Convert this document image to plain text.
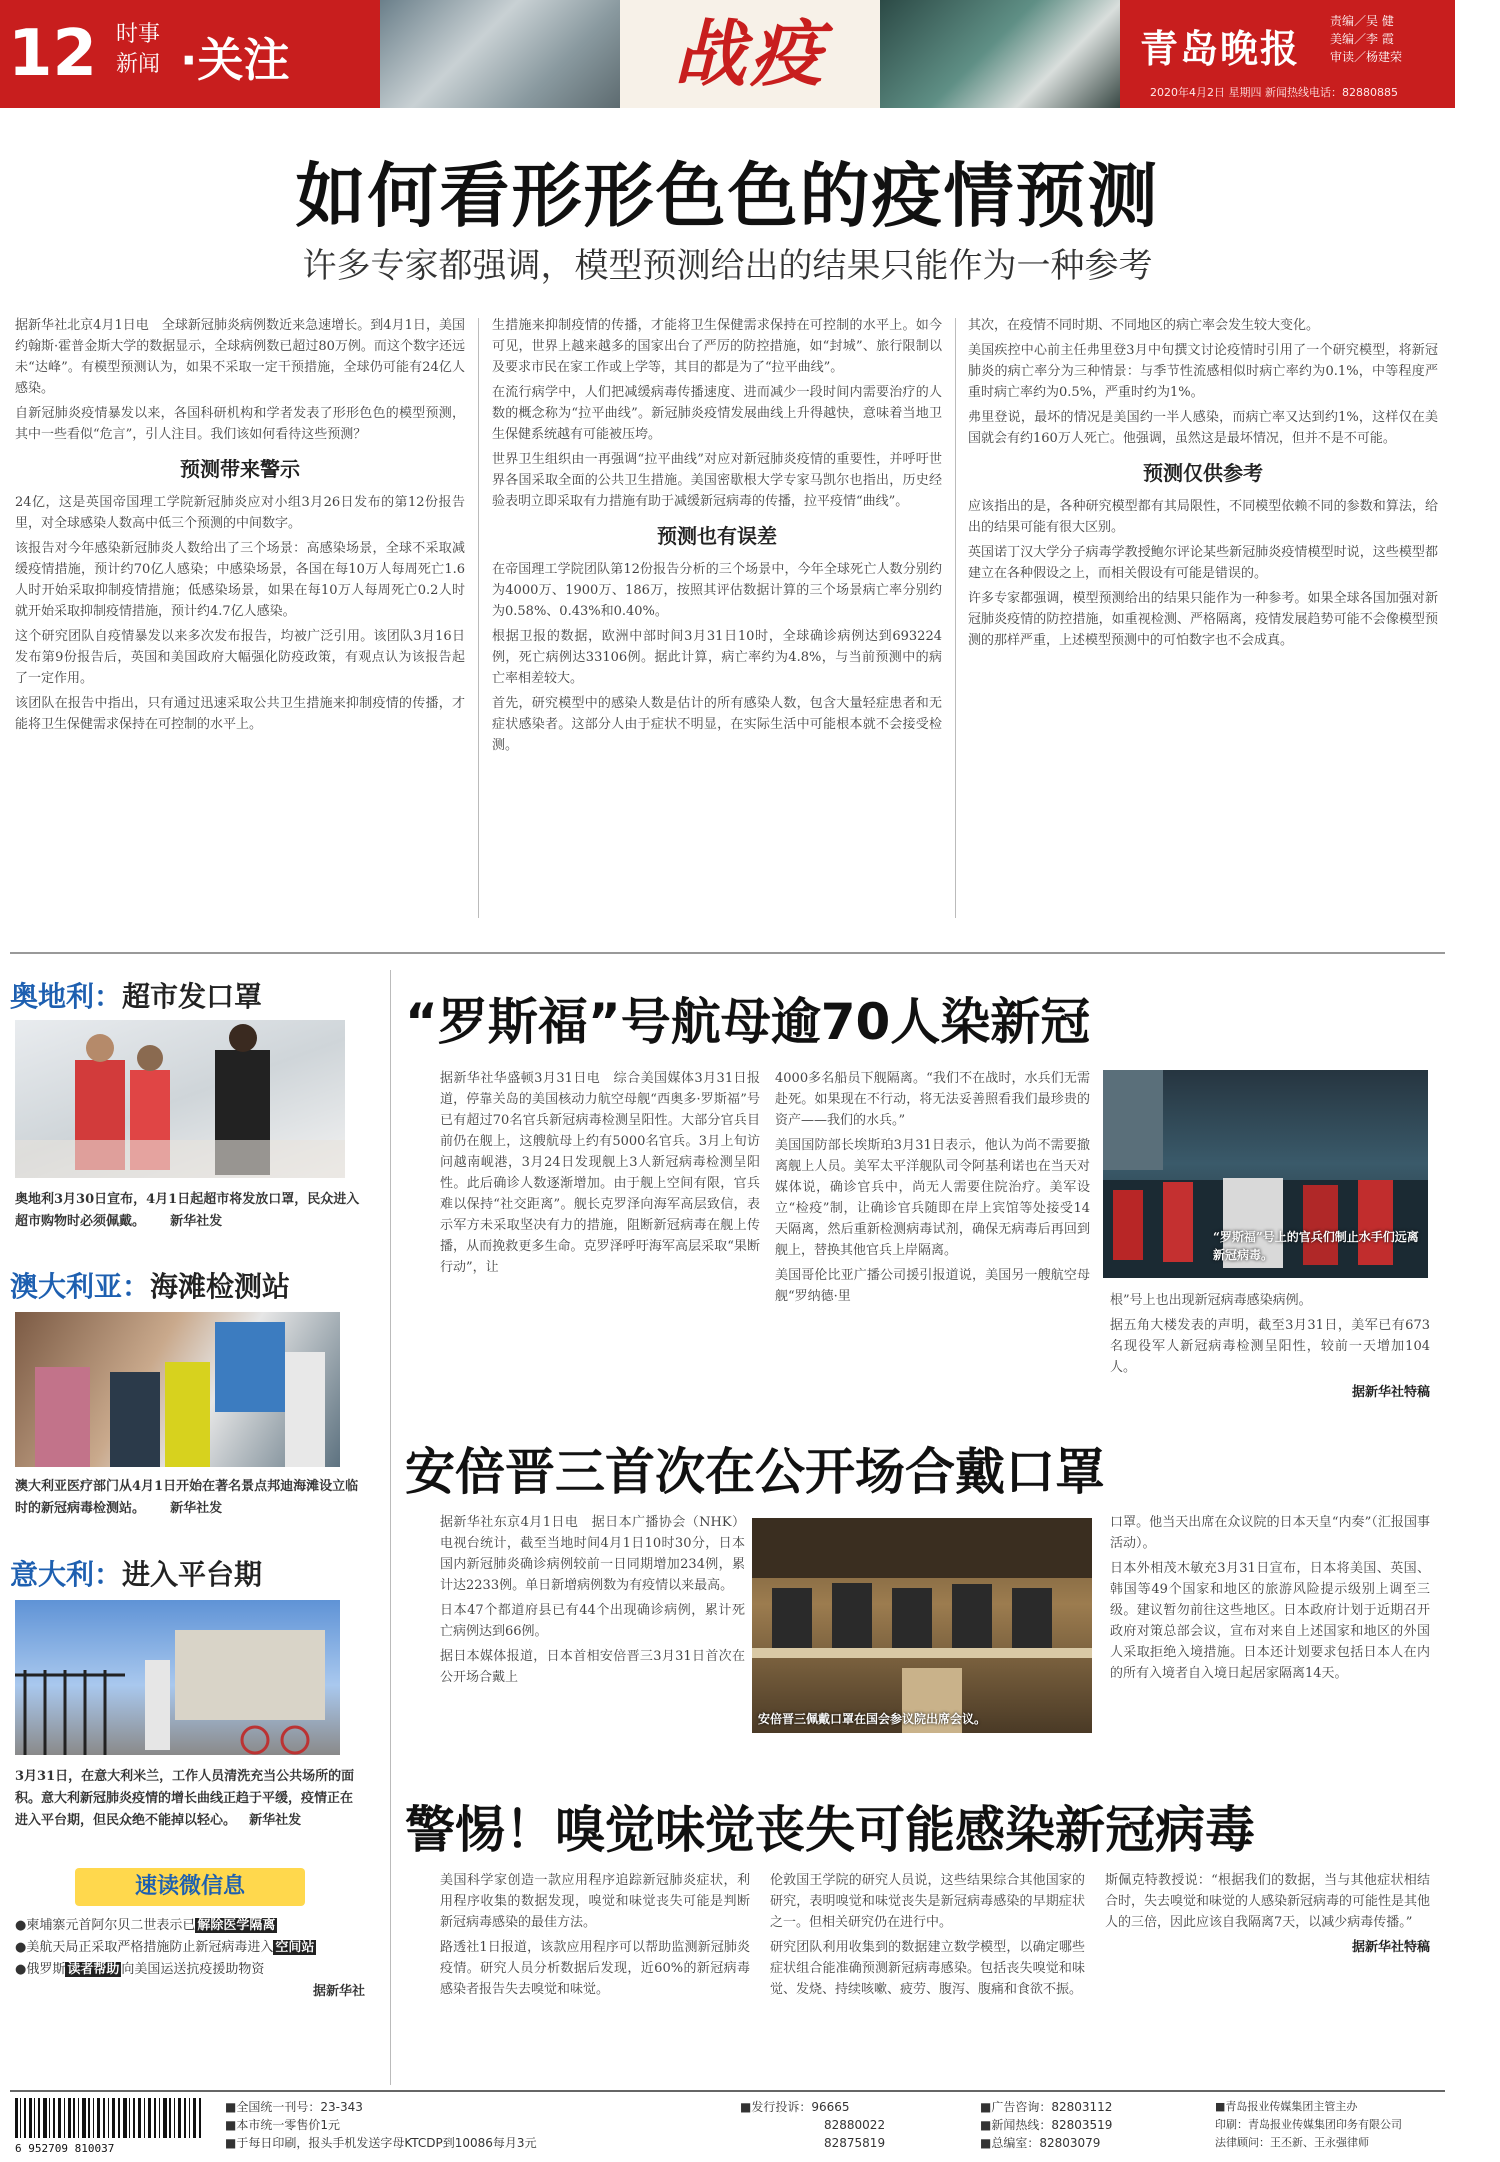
12 时事
新闻 ·关注	战疫	青岛晚报
责编／吴 健
美编／李 霞
审读／杨建荣
2020年4月2日 星期四 新闻热线电话：82880885
如何看形形色色的疫情预测
许多专家都强调，模型预测给出的结果只能作为一种参考

据新华社北京4月1日电　全球新冠肺炎病例数近来急速增长。到4月1日，美国约翰斯·霍普金斯大学的数据显示，全球病例数已超过80万例。而这个数字还远未“达峰”。有模型预测认为，如果不采取一定干预措施，全球仍可能有24亿人感染。

自新冠肺炎疫情暴发以来，各国科研机构和学者发表了形形色色的模型预测，其中一些看似“危言”，引人注目。我们该如何看待这些预测？

预测带来警示

24亿，这是英国帝国理工学院新冠肺炎应对小组3月26日发布的第12份报告里，对全球感染人数高中低三个预测的中间数字。

该报告对今年感染新冠肺炎人数给出了三个场景：高感染场景，全球不采取减缓疫情措施，预计约70亿人感染；中感染场景，各国在每10万人每周死亡1.6人时开始采取抑制疫情措施；低感染场景，如果在每10万人每周死亡0.2人时就开始采取抑制疫情措施，预计约4.7亿人感染。

这个研究团队自疫情暴发以来多次发布报告，均被广泛引用。该团队3月16日发布第9份报告后，英国和美国政府大幅强化防疫政策，有观点认为该报告起了一定作用。

该团队在报告中指出，只有通过迅速采取公共卫生措施来抑制疫情的传播，才能将卫生保健需求保持在可控制的水平上。

生措施来抑制疫情的传播，才能将卫生保健需求保持在可控制的水平上。如今可见，世界上越来越多的国家出台了严厉的防控措施，如“封城”、旅行限制以及要求市民在家工作或上学等，其目的都是为了“拉平曲线”。

在流行病学中，人们把减缓病毒传播速度、进而减少一段时间内需要治疗的人数的概念称为“拉平曲线”。新冠肺炎疫情发展曲线上升得越快，意味着当地卫生保健系统越有可能被压垮。

世界卫生组织由一再强调“拉平曲线”对应对新冠肺炎疫情的重要性，并呼吁世界各国采取全面的公共卫生措施。美国密歇根大学专家马凯尔也指出，历史经验表明立即采取有力措施有助于减缓新冠病毒的传播，拉平疫情“曲线”。

预测也有误差

在帝国理工学院团队第12份报告分析的三个场景中，今年全球死亡人数分别约为4000万、1900万、186万，按照其评估数据计算的三个场景病亡率分别约为0.58%、0.43%和0.40%。

根据卫报的数据，欧洲中部时间3月31日10时，全球确诊病例达到693224例，死亡病例达33106例。据此计算，病亡率约为4.8%，与当前预测中的病亡率相差较大。

首先，研究模型中的感染人数是估计的所有感染人数，包含大量轻症患者和无症状感染者。这部分人由于症状不明显，在实际生活中可能根本就不会接受检测。

其次，在疫情不同时期、不同地区的病亡率会发生较大变化。

美国疾控中心前主任弗里登3月中旬撰文讨论疫情时引用了一个研究模型，将新冠肺炎的病亡率分为三种情景：与季节性流感相似时病亡率约为0.1%，中等程度严重时病亡率约为0.5%，严重时约为1%。

弗里登说，最坏的情况是美国约一半人感染，而病亡率又达到约1%，这样仅在美国就会有约160万人死亡。他强调，虽然这是最坏情况，但并不是不可能。

预测仅供参考

应该指出的是，各种研究模型都有其局限性，不同模型依赖不同的参数和算法，给出的结果可能有很大区别。

英国诺丁汉大学分子病毒学教授鲍尔评论某些新冠肺炎疫情模型时说，这些模型都建立在各种假设之上，而相关假设有可能是错误的。

许多专家都强调，模型预测给出的结果只能作为一种参考。如果全球各国加强对新冠肺炎疫情的防控措施，如重视检测、严格隔离，疫情发展趋势可能不会像模型预测的那样严重，上述模型预测中的可怕数字也不会成真。

奥地利：超市发口罩
奥地利3月30日宣布，4月1日起超市将发放口罩，民众进入超市购物时必须佩戴。 新华社发
澳大利亚：海滩检测站
澳大利亚医疗部门从4月1日开始在著名景点邦迪海滩设立临时的新冠病毒检测站。 新华社发
意大利：进入平台期
3月31日，在意大利米兰，工作人员清洗充当公共场所的面积。意大利新冠肺炎疫情的增长曲线正趋于平缓，疫情正在进入平台期，但民众绝不能掉以轻心。 新华社发
速读微信息
●柬埔寨元首阿尔贝二世表示已 解除医学隔离
●美航天局正采取严格措施防止新冠病毒进入 空间站
●俄罗斯 读者帮助 向美国运送抗疫援助物资
据新华社
“罗斯福”号航母逾70人染新冠

据新华社华盛顿3月31日电　综合美国媒体3月31日报道，停靠关岛的美国核动力航空母舰“西奥多·罗斯福”号已有超过70名官兵新冠病毒检测呈阳性。大部分官兵目前仍在舰上，这艘航母上约有5000名官兵。3月上旬访问越南岘港，3月24日发现舰上3人新冠病毒检测呈阳性。此后确诊人数逐渐增加。由于舰上空间有限，官兵难以保持“社交距离”。舰长克罗泽向海军高层致信，表示军方未采取坚决有力的措施，阻断新冠病毒在舰上传播，从而挽救更多生命。克罗泽呼吁海军高层采取“果断行动”，让

4000多名船员下舰隔离。“我们不在战时，水兵们无需赴死。如果现在不行动，将无法妥善照看我们最珍贵的资产——我们的水兵。”

美国国防部长埃斯珀3月31日表示，他认为尚不需要撤离舰上人员。美军太平洋舰队司令阿基利诺也在当天对媒体说，确诊官兵中，尚无人需要住院治疗。美军设立“检疫”制，让确诊官兵随即在岸上宾馆等处接受14天隔离，然后重新检测病毒试剂，确保无病毒后再回到舰上，替换其他官兵上岸隔离。

美国哥伦比亚广播公司援引报道说，美国另一艘航空母舰“罗纳德·里

“罗斯福”号上的官兵们制止水手们远离新冠病毒。

根”号上也出现新冠病毒感染病例。

据五角大楼发表的声明，截至3月31日，美军已有673名现役军人新冠病毒检测呈阳性，较前一天增加104人。

据新华社特稿
安倍晋三首次在公开场合戴口罩

据新华社东京4月1日电　据日本广播协会（NHK）电视台统计，截至当地时间4月1日10时30分，日本国内新冠肺炎确诊病例较前一日同期增加234例，累计达2233例。单日新增病例数为有疫情以来最高。

日本47个都道府县已有44个出现确诊病例，累计死亡病例达到66例。

据日本媒体报道，日本首相安倍晋三3月31日首次在公开场合戴上

安倍晋三佩戴口罩在国会参议院出席会议。

口罩。他当天出席在众议院的日本天皇“内奏”（汇报国事活动）。

日本外相茂木敏充3月31日宣布，日本将美国、英国、韩国等49个国家和地区的旅游风险提示级别上调至三级。建议暂勿前往这些地区。日本政府计划于近期召开政府对策总部会议，宣布对来自上述国家和地区的外国人采取拒绝入境措施。日本还计划要求包括日本人在内的所有入境者自入境日起居家隔离14天。

警惕！嗅觉味觉丧失可能感染新冠病毒

美国科学家创造一款应用程序追踪新冠肺炎症状，利用程序收集的数据发现，嗅觉和味觉丧失可能是判断新冠病毒感染的最佳方法。

路透社1日报道，该款应用程序可以帮助监测新冠肺炎疫情。研究人员分析数据后发现，近60%的新冠病毒感染者报告失去嗅觉和味觉。

伦敦国王学院的研究人员说，这些结果综合其他国家的研究，表明嗅觉和味觉丧失是新冠病毒感染的早期症状之一。但相关研究仍在进行中。

研究团队利用收集到的数据建立数学模型，以确定哪些症状组合能准确预测新冠病毒感染。包括丧失嗅觉和味觉、发烧、持续咳嗽、疲劳、腹泻、腹痛和食欲不振。

斯佩克特教授说：“根据我们的数据，当与其他症状相结合时，失去嗅觉和味觉的人感染新冠病毒的可能性是其他人的三倍，因此应该自我隔离7天，以减少病毒传播。”

据新华社特稿
6 952709 810037
■全国统一刊号：23-343
■本市统一零售价1元
■于每日印刷，报头手机发送字母KTCDP到10086每月3元
■发行投诉：96665
82880022
82875819
■广告咨询：82803112
■新闻热线：82803519
■总编室：82803079
■青岛报业传媒集团主管主办
印刷：青岛报业传媒集团印务有限公司
法律顾问：王丕新、王永强律师
